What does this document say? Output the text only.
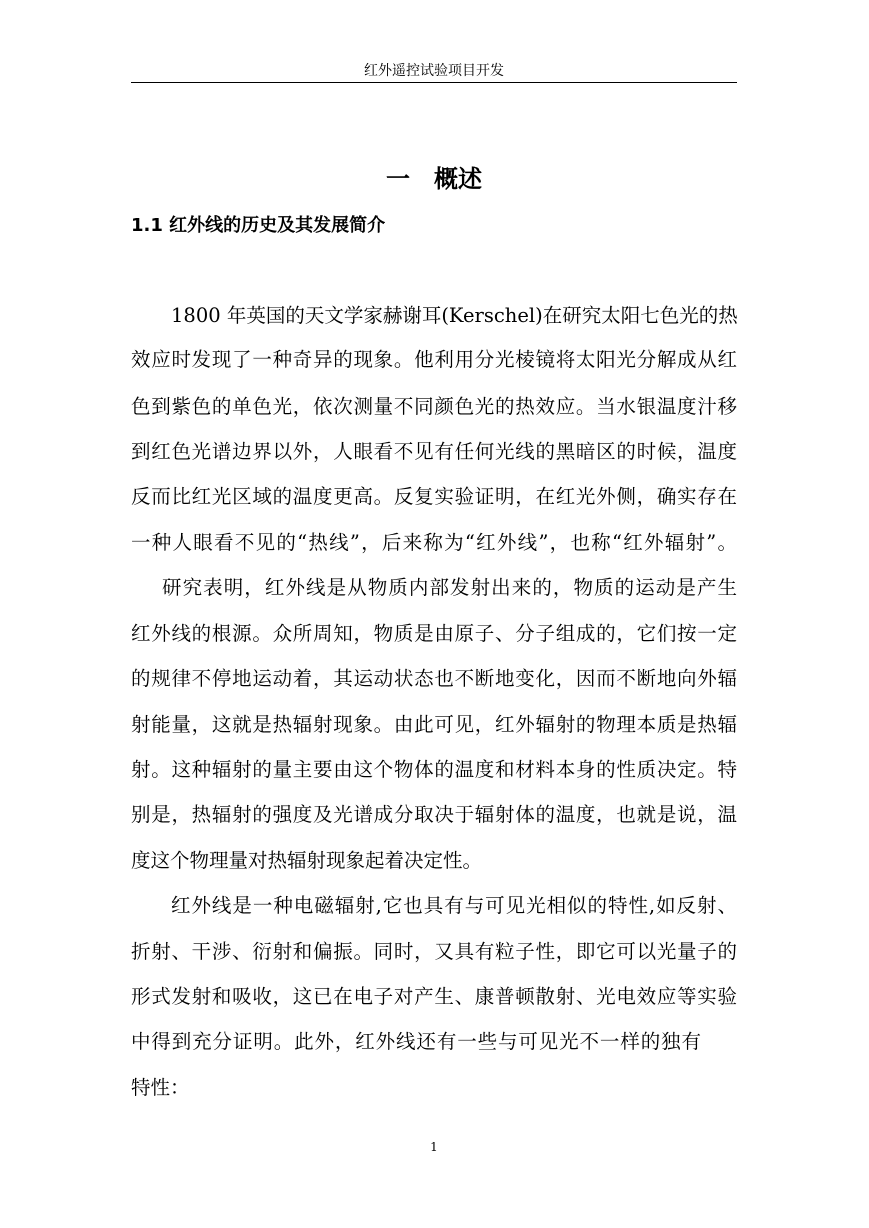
红外遥控试验项目开发
一　概述
1.1 红外线的历史及其发展简介
1800 年英国的天文学家赫谢耳(Kerschel)在研究太阳七色光的热
效应时发现了一种奇异的现象。他利用分光棱镜将太阳光分解成从红
色到紫色的单色光，依次测量不同颜色光的热效应。当水银温度汁移
到红色光谱边界以外，人眼看不见有任何光线的黑暗区的时候，温度
反而比红光区域的温度更高。反复实验证明，在红光外侧，确实存在
一种人眼看不见的“热线”，后来称为“红外线”，也称“红外辐射”。
研究表明，红外线是从物质内部发射出来的，物质的运动是产生
红外线的根源。众所周知，物质是由原子、分子组成的，它们按一定
的规律不停地运动着，其运动状态也不断地变化，因而不断地向外辐
射能量，这就是热辐射现象。由此可见，红外辐射的物理本质是热辐
射。这种辐射的量主要由这个物体的温度和材料本身的性质决定。特
别是，热辐射的强度及光谱成分取决于辐射体的温度，也就是说，温
度这个物理量对热辐射现象起着决定性。
红外线是一种电磁辐射,它也具有与可见光相似的特性,如反射、
折射、干涉、衍射和偏振。同时，又具有粒子性，即它可以光量子的
形式发射和吸收，这已在电子对产生、康普顿散射、光电效应等实验
中得到充分证明。此外，红外线还有一些与可见光不一样的独有
特性：
1
